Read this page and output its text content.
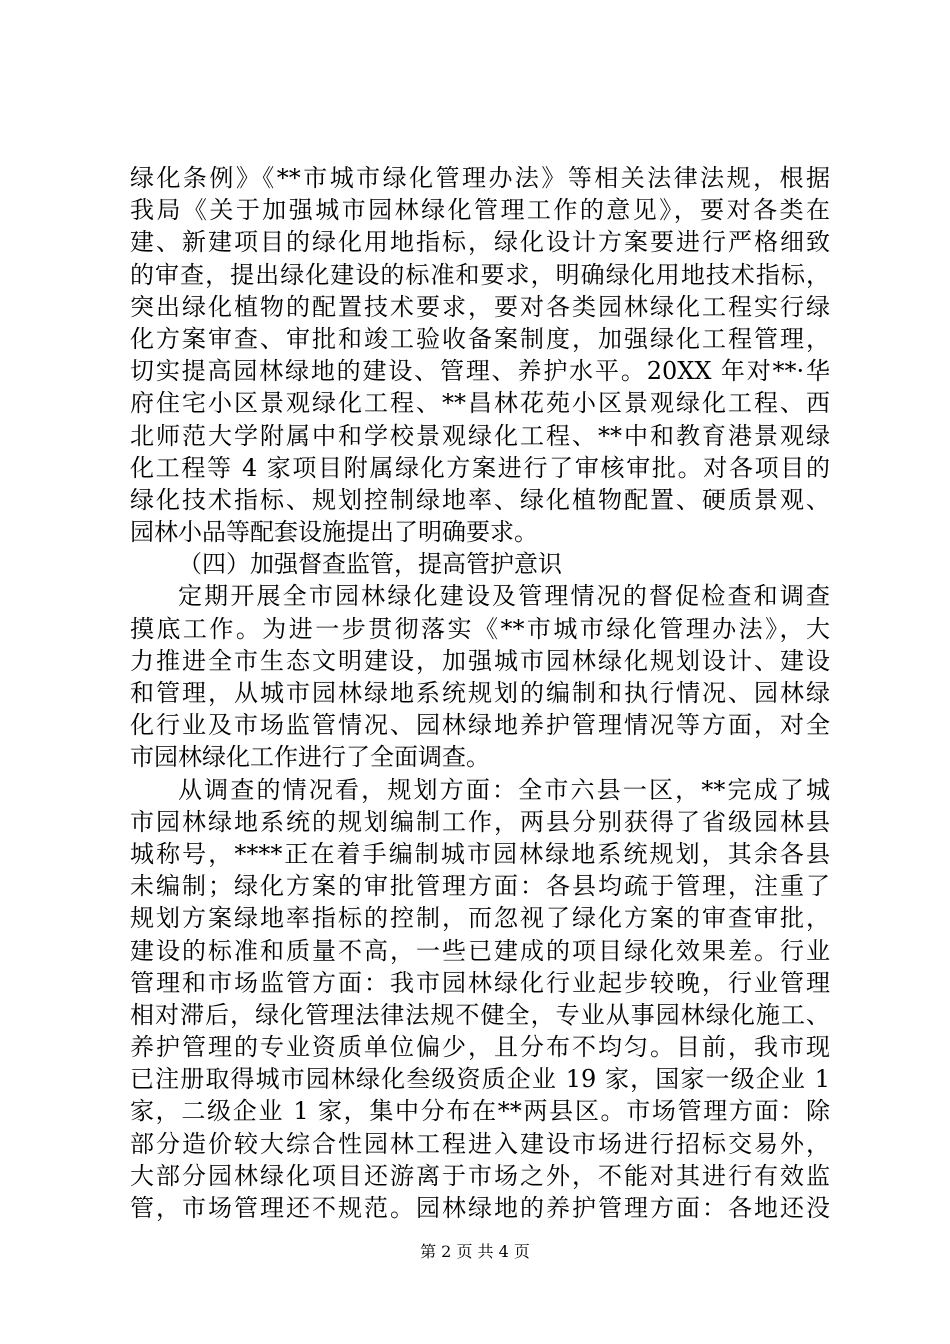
绿化条例》《**市城市绿化管理办法》等相关法律法规，根据
我局《关于加强城市园林绿化管理工作的意见》，要对各类在
建、新建项目的绿化用地指标，绿化设计方案要进行严格细致
的审查，提出绿化建设的标准和要求，明确绿化用地技术指标，
突出绿化植物的配置技术要求，要对各类园林绿化工程实行绿
化方案审查、审批和竣工验收备案制度，加强绿化工程管理，
切实提高园林绿地的建设、管理、养护水平。20XX 年对**·华
府住宅小区景观绿化工程、**昌林花苑小区景观绿化工程、西
北师范大学附属中和学校景观绿化工程、**中和教育港景观绿
化工程等 4 家项目附属绿化方案进行了审核审批。对各项目的
绿化技术指标、规划控制绿地率、绿化植物配置、硬质景观、
园林小品等配套设施提出了明确要求。
（四）加强督查监管，提高管护意识
定期开展全市园林绿化建设及管理情况的督促检查和调查
摸底工作。为进一步贯彻落实《**市城市绿化管理办法》，大
力推进全市生态文明建设，加强城市园林绿化规划设计、建设
和管理，从城市园林绿地系统规划的编制和执行情况、园林绿
化行业及市场监管情况、园林绿地养护管理情况等方面，对全
市园林绿化工作进行了全面调查。
从调查的情况看，规划方面：全市六县一区，**完成了城
市园林绿地系统的规划编制工作，两县分别获得了省级园林县
城称号，****正在着手编制城市园林绿地系统规划，其余各县
未编制；绿化方案的审批管理方面：各县均疏于管理，注重了
规划方案绿地率指标的控制，而忽视了绿化方案的审查审批，
建设的标准和质量不高，一些已建成的项目绿化效果差。行业
管理和市场监管方面：我市园林绿化行业起步较晚，行业管理
相对滞后，绿化管理法律法规不健全，专业从事园林绿化施工、
养护管理的专业资质单位偏少，且分布不均匀。目前，我市现
已注册取得城市园林绿化叁级资质企业 19 家，国家一级企业 1
家，二级企业 1 家，集中分布在**两县区。市场管理方面：除
部分造价较大综合性园林工程进入建设市场进行招标交易外，
大部分园林绿化项目还游离于市场之外，不能对其进行有效监
管，市场管理还不规范。园林绿地的养护管理方面：各地还没
第 2 页 共 4 页
